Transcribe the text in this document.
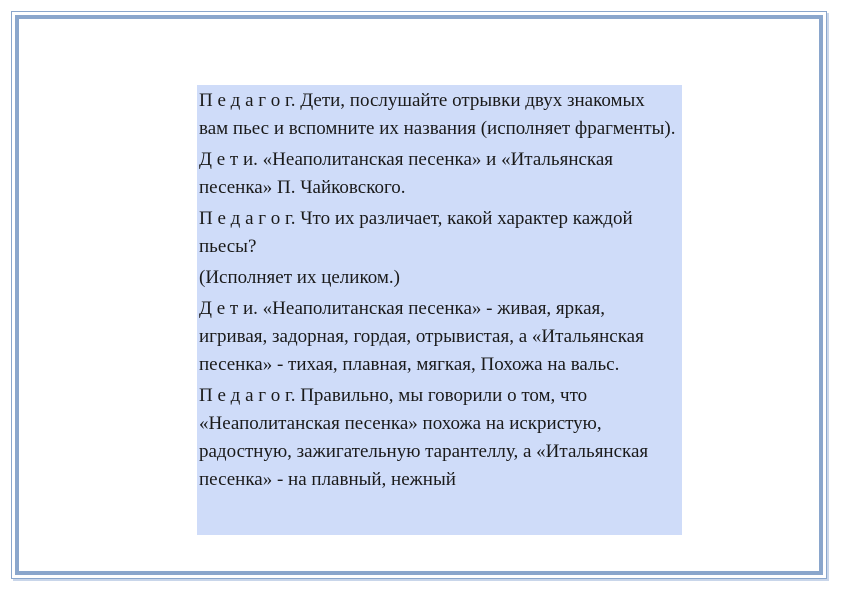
П е д а г о г. Дети, послушайте отрывки двух знакомых вам пьес и вспомните их названия (исполняет фрагменты).

Д е т и. «Неаполитанская песенка» и «Итальянская песенка» П. Чайковского.

П е д а г о г. Что их различает, какой характер каждой пьесы?

(Исполняет их целиком.)

Д е т и. «Неаполитанская песенка» - живая, яркая, игривая, задорная, гордая, отрывистая, а «Итальянская песенка» - тихая, плавная, мягкая, Похожа на вальс.

П е д а г о г. Правильно, мы говорили о том, что «Неаполитанская песенка» похожа на искристую, радостную, зажигательную тарантеллу, а «Итальянская песенка» - на плавный, нежный
